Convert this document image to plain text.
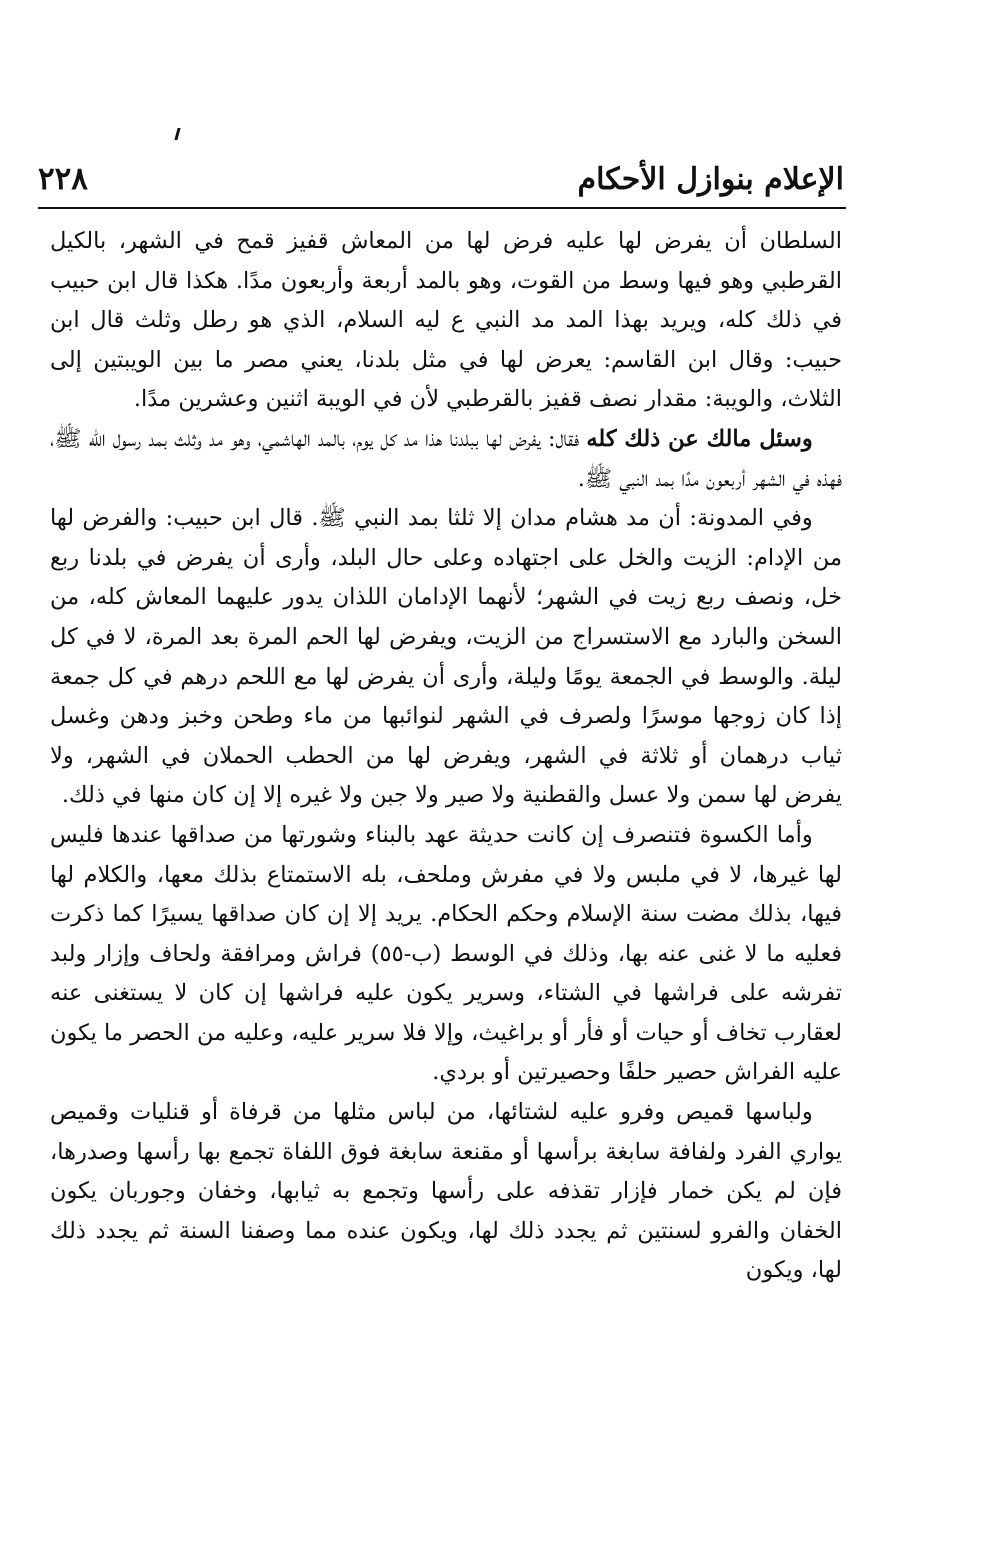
الإعلام بنوازل الأحكام
٢٢٨

السلطان أن يفرض لها عليه فرض لها من المعاش قفيز قمح في الشهر، بالكيل القرطبي وهو فيها وسط من القوت، وهو بالمد أربعة وأربعون مدًا. هكذا قال ابن حبيب في ذلك كله، ويريد بهذا المد مد النبي ع ليه السلام، الذي هو رطل وثلث قال ابن حبيب: وقال ابن القاسم: يعرض لها في مثل بلدنا، يعني مصر ما بين الويبتين إلى الثلاث، والويبة: مقدار نصف قفيز بالقرطبي لأن في الويبة اثنين وعشرين مدًا.

وسئل مالك عن ذلك كله فقال: يفرض لها ببلدنا هذا مد كل يوم، بالمد الهاشمي، وهو مد وثلث بمد رسول الله ﷺ، فهذه في الشهر أربعون مدًا بمد النبي ﷺ.

وفي المدونة: أن مد هشام مدان إلا ثلثا بمد النبي ﷺ. قال ابن حبيب: والفرض لها من الإدام: الزيت والخل على اجتهاده وعلى حال البلد، وأرى أن يفرض في بلدنا ربع خل، ونصف ربع زيت في الشهر؛ لأنهما الإدامان اللذان يدور عليهما المعاش كله، من السخن والبارد مع الاستسراج من الزيت، ويفرض لها الحم المرة بعد المرة، لا في كل ليلة. والوسط في الجمعة يومًا وليلة، وأرى أن يفرض لها مع اللحم درهم في كل جمعة إذا كان زوجها موسرًا ولصرف في الشهر لنوائبها من ماء وطحن وخبز ودهن وغسل ثياب درهمان أو ثلاثة في الشهر، ويفرض لها من الحطب الحملان في الشهر، ولا يفرض لها سمن ولا عسل والقطنية ولا صير ولا جبن ولا غيره إلا إن كان منها في ذلك.

وأما الكسوة فتنصرف إن كانت حديثة عهد بالبناء وشورتها من صداقها عندها فليس لها غيرها، لا في ملبس ولا في مفرش وملحف، بله الاستمتاع بذلك معها، والكلام لها فيها، بذلك مضت سنة الإسلام وحكم الحكام. يريد إلا إن كان صداقها يسيرًا كما ذكرت فعليه ما لا غنى عنه بها، وذلك في الوسط (ب-٥٥) فراش ومرافقة ولحاف وإزار ولبد تفرشه على فراشها في الشتاء، وسرير يكون عليه فراشها إن كان لا يستغنى عنه لعقارب تخاف أو حيات أو فأر أو براغيث، وإلا فلا سرير عليه، وعليه من الحصر ما يكون عليه الفراش حصير حلفًا وحصيرتين أو بردي.

ولباسها قميص وفرو عليه لشتائها، من لباس مثلها من قرفاة أو قنليات وقميص يواري الفرد ولفافة سابغة برأسها أو مقنعة سابغة فوق اللفاة تجمع بها رأسها وصدرها، فإن لم يكن خمار فإزار تقذفه على رأسها وتجمع به ثيابها، وخفان وجوربان يكون الخفان والفرو لسنتين ثم يجدد ذلك لها، ويكون عنده مما وصفنا السنة ثم يجدد ذلك لها، ويكون
